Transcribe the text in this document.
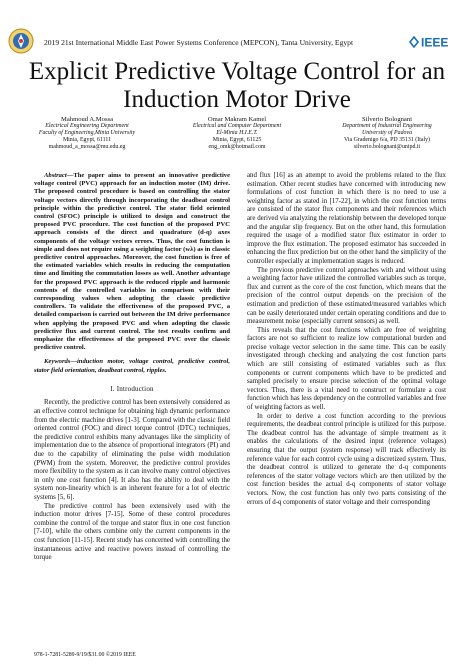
2019 21st International Middle East Power Systems Conference (MEPCON), Tanta University, Egypt	IEEE
Explicit Predictive Voltage Control for an Induction Motor Drive
Mahmoud A.Mossa
Electrical Engineering Department
Faculty of Engineering,Minia University
Minia, Egypt, 61111
mahmoud_a_mossa@mu.edu.eg
Omar Makram Kamel
Electrical and Computer Department
El-Minia H.I.E.T.
Minia, Egypt, 61125
eng_omk@hotmail.com
Silverio Bolognani
Department of Industrial Engineering
University of Padova
Via Gradenigo 6/a, PD 35131 (Italy)
silverio.bolognani@unipd.it

Abstract—The paper aims to present an innovative predictive voltage control (PVC) approach for an induction motor (IM) drive. The proposed control procedure is based on controlling the stator voltage vectors directly through incorporating the deadbeat control principle within the predictive control. The stator field oriented control (SFOC) principle is utilized to design and construct the proposed PVC procedure. The cost function of the proposed PVC approach consists of the direct and quadrature (d-q) axes components of the voltage vectors errors. Thus, the cost function is simple and does not require using a weighting factor (wλ) as in classic predictive control approaches. Moreover, the cost function is free of the estimated variables which results in reducing the computation time and limiting the commutation losses as well. Another advantage for the proposed PVC approach is the reduced ripple and harmonic contents of the controlled variables in comparison with their corresponding values when adopting the classic predictive controllers. To validate the effectiveness of the proposed PVC, a detailed comparison is carried out between the IM drive performance when applying the proposed PVC and when adopting the classic predictive flux and current control. The test results confirm and emphasize the effectiveness of the proposed PVC over the classic predictive control.

Keywords—induction motor, voltage control, predictive control, stator field orientation, deadbeat control, ripples.

I. Introduction

Recently, the predictive control has been extensively considered as an effective control technique for obtaining high dynamic performance from the electric machine drives [1-3]. Compared with the classic field oriented control (FOC) and direct torque control (DTC) techniques, the predictive control exhibits many advantages like the simplicity of implementation due to the absence of proportional integrators (PI) and due to the capability of eliminating the pulse width modulation (PWM) from the system. Moreover, the predictive control provides more flexibility to the system as it can involve many control objectives in only one cost function [4]. It also has the ability to deal with the system non-linearity which is an inherent feature for a lot of electric systems [5, 6].

The predictive control has been extensively used with the induction motor drives [7-15]. Some of these control procedures combine the control of the torque and stator flux in one cost function [7-10], while the others combine only the current components in the cost function [11-15]. Recent study has concerned with controlling the instantaneous active and reactive powers instead of controlling the torque

and flux [16] as an attempt to avoid the problems related to the flux estimation. Other recent studies have concerned with introducing new formulations of cost function in which there is no need to use a weighting factor as stated in [17-22], in which the cost function terms are consisted of the stator flux components and their references which are derived via analyzing the relationship between the developed torque and the angular slip frequency. But on the other hand, this formulation required the usage of a modified stator flux estimator in order to improve the flux estimation. The proposed estimator has succeeded in enhancing the flux prediction but on the other hand the simplicity of the controller especially at implementation stages is reduced.

The previous predictive control approaches with and without using a weighting factor have utilized the controlled variables such as torque, flux and current as the core of the cost function, which means that the precision of the control output depends on the precision of the estimation and prediction of these estimated/measured variables which can be easily deteriorated under certain operating conditions and due to measurement noise (especially current sensors) as well.

This reveals that the cost functions which are free of weighting factors are not so sufficient to realize low computational burden and precise voltage vector selection in the same time. This can be easily investigated through checking and analyzing the cost function parts which are still consisting of estimated variables such as flux components or current components which have to be predicted and sampled precisely to ensure precise selection of the optimal voltage vectors. Thus, there is a vital need to construct or formulate a cost function which has less dependency on the controlled variables and free of weighting factors as well.

In order to derive a cost function according to the previous requirements, the deadbeat control principle is utilized for this purpose. The deadbeat control has the advantage of simple treatment as it enables the calculations of the desired input (reference voltages) ensuring that the output (system response) will track effectively its reference value for each control cycle using a discretized system. Thus, the deadbeat control is utilized to generate the d-q components references of the stator voltage vectors which are then utilized by the cost function besides the actual d-q components of stator voltage vectors. Now, the cost function has only two parts consisting of the errors of d-q components of stator voltage and their corresponding

978-1-7281-5289-9/19/$31.00 ©2019 IEEE
